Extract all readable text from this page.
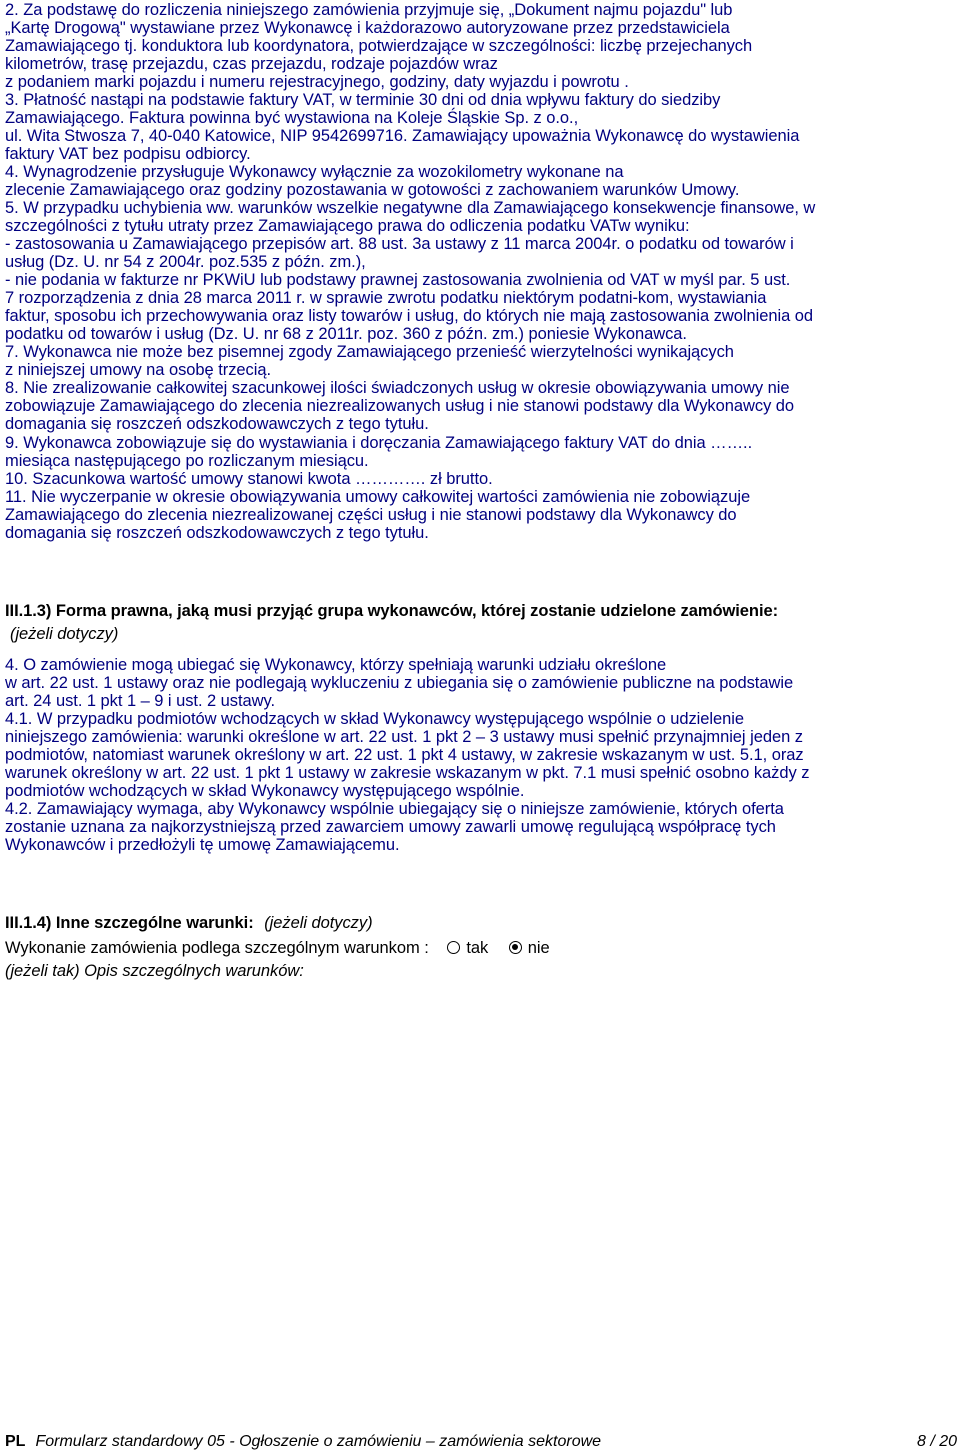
2. Za podstawę do rozliczenia niniejszego zamówienia przyjmuje się, „Dokument najmu pojazdu" lub
„Kartę Drogową" wystawiane przez Wykonawcę i każdorazowo autoryzowane przez przedstawiciela
Zamawiającego tj. konduktora lub koordynatora, potwierdzające w szczególności: liczbę przejechanych
kilometrów, trasę przejazdu, czas przejazdu, rodzaje pojazdów wraz
z podaniem marki pojazdu i numeru rejestracyjnego, godziny, daty wyjazdu i powrotu .
3. Płatność nastąpi na podstawie faktury VAT, w terminie 30 dni od dnia wpływu faktury do siedziby
Zamawiającego. Faktura powinna być wystawiona na Koleje Śląskie Sp. z o.o.,
ul. Wita Stwosza 7, 40-040 Katowice, NIP 9542699716. Zamawiający upoważnia Wykonawcę do wystawienia
faktury VAT bez podpisu odbiorcy.
4. Wynagrodzenie przysługuje Wykonawcy wyłącznie za wozokilometry wykonane na
zlecenie Zamawiającego oraz godziny pozostawania w gotowości z zachowaniem warunków Umowy.
5. W przypadku uchybienia ww. warunków wszelkie negatywne dla Zamawiającego konsekwencje finansowe, w
szczególności z tytułu utraty przez Zamawiającego prawa do odliczenia podatku VATw wyniku:
- zastosowania u Zamawiającego przepisów art. 88 ust. 3a ustawy z 11 marca 2004r. o podatku od towarów i
usług (Dz. U. nr 54 z 2004r. poz.535 z późn. zm.),
- nie podania w fakturze nr PKWiU lub podstawy prawnej zastosowania zwolnienia od VAT w myśl par. 5 ust.
7 rozporządzenia z dnia 28 marca 2011 r. w sprawie zwrotu podatku niektórym podatni-kom, wystawiania
faktur, sposobu ich przechowywania oraz listy towarów i usług, do których nie mają zastosowania zwolnienia od
podatku od towarów i usług (Dz. U. nr 68 z 2011r. poz. 360 z późn. zm.) poniesie Wykonawca.
7. Wykonawca nie może bez pisemnej zgody Zamawiającego przenieść wierzytelności wynikających
z niniejszej umowy na osobę trzecią.
8. Nie zrealizowanie całkowitej szacunkowej ilości świadczonych usług w okresie obowiązywania umowy nie
zobowiązuje Zamawiającego do zlecenia niezrealizowanych usług i nie stanowi podstawy dla Wykonawcy do
domagania się roszczeń odszkodowawczych z tego tytułu.
9. Wykonawca zobowiązuje się do wystawiania i doręczania Zamawiającego faktury VAT do dnia ……..
miesiąca następującego po rozliczanym miesiącu.
10. Szacunkowa wartość umowy stanowi kwota …………. zł brutto.
11. Nie wyczerpanie w okresie obowiązywania umowy całkowitej wartości zamówienia nie zobowiązuje
Zamawiającego do zlecenia niezrealizowanej części usług i nie stanowi podstawy dla Wykonawcy do
domagania się roszczeń odszkodowawczych z tego tytułu.
III.1.3) Forma prawna, jaką musi przyjąć grupa wykonawców, której zostanie udzielone zamówienie:
(jeżeli dotyczy)
4. O zamówienie mogą ubiegać się Wykonawcy, którzy spełniają warunki udziału określone
w art. 22 ust. 1 ustawy oraz nie podlegają wykluczeniu z ubiegania się o zamówienie publiczne na podstawie
art. 24 ust. 1 pkt 1 – 9 i ust. 2 ustawy.
4.1. W przypadku podmiotów wchodzących w skład Wykonawcy występującego wspólnie o udzielenie
niniejszego zamówienia: warunki określone w art. 22 ust. 1 pkt 2 – 3 ustawy musi spełnić przynajmniej jeden z
podmiotów, natomiast warunek określony w art. 22 ust. 1 pkt 4 ustawy, w zakresie wskazanym w ust. 5.1, oraz
warunek określony w art. 22 ust. 1 pkt 1 ustawy w zakresie wskazanym w pkt. 7.1 musi spełnić osobno każdy z
podmiotów wchodzących w skład Wykonawcy występującego wspólnie.
4.2. Zamawiający wymaga, aby Wykonawcy wspólnie ubiegający się o niniejsze zamówienie, których oferta
zostanie uznana za najkorzystniejszą przed zawarciem umowy zawarli umowę regulującą współpracę tych
Wykonawców i przedłożyli tę umowę Zamawiającemu.
III.1.4) Inne szczególne warunki: (jeżeli dotyczy)
Wykonanie zamówienia podlega szczególnym warunkom : tak nie
(jeżeli tak) Opis szczególnych warunków:
PL Formularz standardowy 05 - Ogłoszenie o zamówieniu – zamówienia sektorowe	8 / 20
